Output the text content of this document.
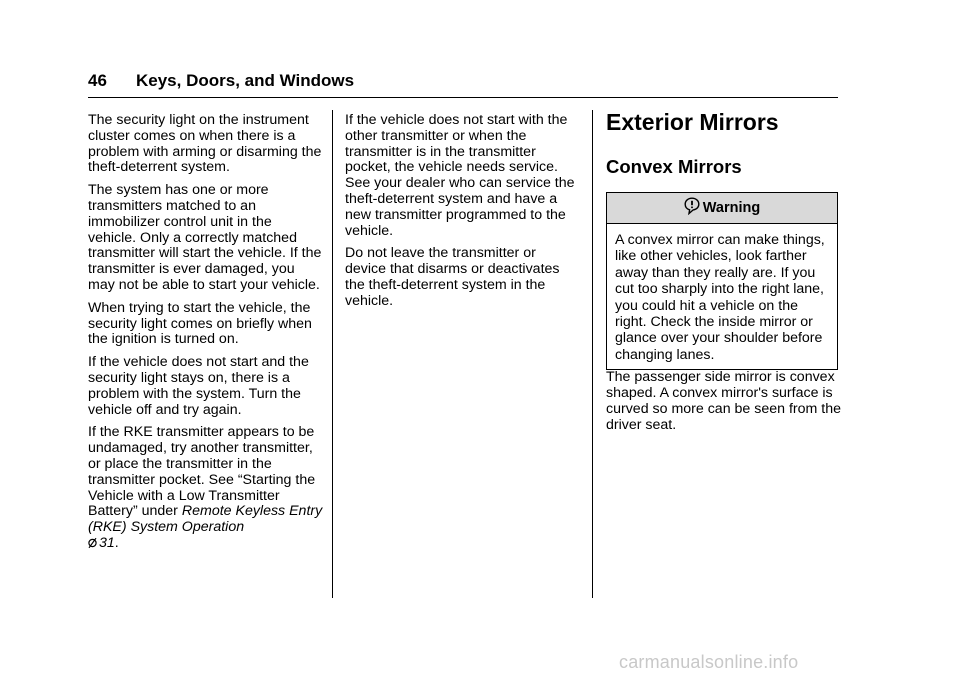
46 Keys, Doors, and Windows

The security light on the instrument cluster comes on when there is a problem with arming or disarming the theft-deterrent system.

The system has one or more transmitters matched to an immobilizer control unit in the vehicle. Only a correctly matched transmitter will start the vehicle. If the transmitter is ever damaged, you may not be able to start your vehicle.

When trying to start the vehicle, the security light comes on briefly when the ignition is turned on.

If the vehicle does not start and the security light stays on, there is a problem with the system. Turn the vehicle off and try again.

If the RKE transmitter appears to be undamaged, try another transmitter, or place the transmitter in the transmitter pocket. See “Starting the Vehicle with a Low Transmitter Battery” under Remote Keyless Entry (RKE) System Operation
31.

If the vehicle does not start with the other transmitter or when the transmitter is in the transmitter pocket, the vehicle needs service. See your dealer who can service the theft-deterrent system and have a new transmitter programmed to the vehicle.

Do not leave the transmitter or device that disarms or deactivates the theft-deterrent system in the vehicle.

Exterior Mirrors
Convex Mirrors
Warning
A convex mirror can make things, like other vehicles, look farther away than they really are. If you cut too sharply into the right lane, you could hit a vehicle on the right. Check the inside mirror or glance over your shoulder before changing lanes.

The passenger side mirror is convex shaped. A convex mirror's surface is curved so more can be seen from the driver seat.

carmanualsonline.info
